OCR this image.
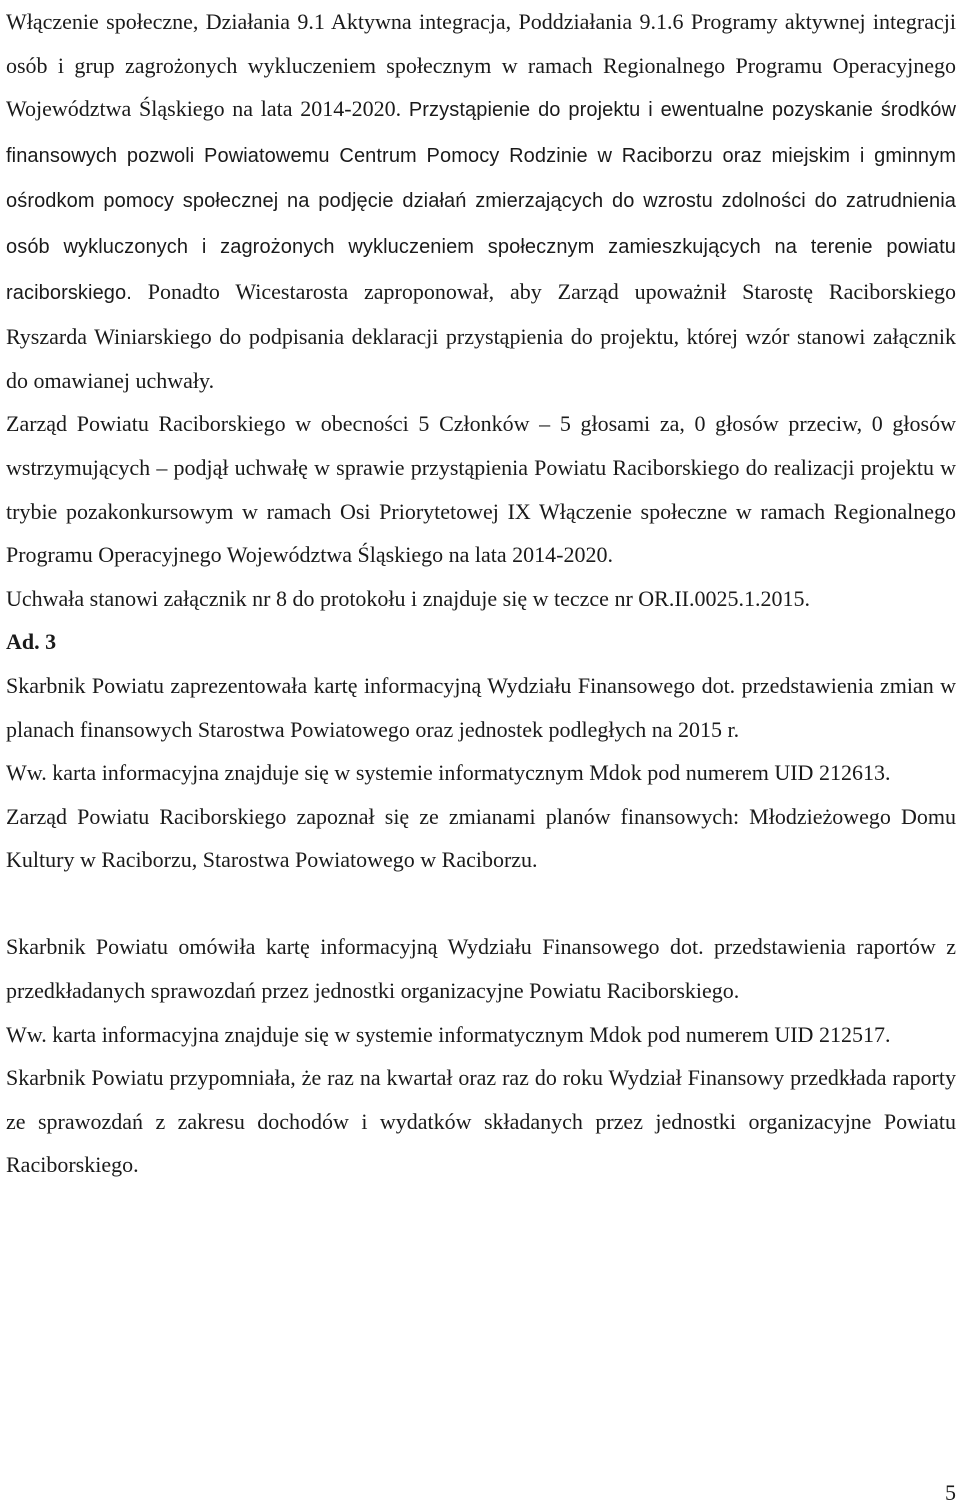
Włączenie społeczne, Działania 9.1 Aktywna integracja, Poddziałania 9.1.6 Programy aktywnej integracji osób i grup zagrożonych wykluczeniem społecznym w ramach Regionalnego Programu Operacyjnego Województwa Śląskiego na lata 2014-2020. Przystąpienie do projektu i ewentualne pozyskanie środków finansowych pozwoli Powiatowemu Centrum Pomocy Rodzinie w Raciborzu oraz miejskim i gminnym ośrodkom pomocy społecznej na podjęcie działań zmierzających do wzrostu zdolności do zatrudnienia osób wykluczonych i zagrożonych wykluczeniem społecznym zamieszkujących na terenie powiatu raciborskiego. Ponadto Wicestarosta zaproponował, aby Zarząd upoważnił Starostę Raciborskiego Ryszarda Winiarskiego do podpisania deklaracji przystąpienia do projektu, której wzór stanowi załącznik do omawianej uchwały.

Zarząd Powiatu Raciborskiego w obecności 5 Członków – 5 głosami za, 0 głosów przeciw, 0 głosów wstrzymujących – podjął uchwałę w sprawie przystąpienia Powiatu Raciborskiego do realizacji projektu w trybie pozakonkursowym w ramach Osi Priorytetowej IX Włączenie społeczne w ramach Regionalnego Programu Operacyjnego Województwa Śląskiego na lata 2014-2020.

Uchwała stanowi załącznik nr 8 do protokołu i znajduje się w teczce nr OR.II.0025.1.2015.

Ad. 3

Skarbnik Powiatu zaprezentowała kartę informacyjną Wydziału Finansowego dot. przedstawienia zmian w planach finansowych Starostwa Powiatowego oraz jednostek podległych na 2015 r.

Ww. karta informacyjna znajduje się w systemie informatycznym Mdok pod numerem UID 212613.

Zarząd Powiatu Raciborskiego zapoznał się ze zmianami planów finansowych: Młodzieżowego Domu Kultury w Raciborzu, Starostwa Powiatowego w Raciborzu.

Skarbnik Powiatu omówiła kartę informacyjną Wydziału Finansowego dot. przedstawienia raportów z przedkładanych sprawozdań przez jednostki organizacyjne Powiatu Raciborskiego.

Ww. karta informacyjna znajduje się w systemie informatycznym Mdok pod numerem UID 212517.

Skarbnik Powiatu przypomniała, że raz na kwartał oraz raz do roku Wydział Finansowy przedkłada raporty ze sprawozdań z zakresu dochodów i wydatków składanych przez jednostki organizacyjne Powiatu Raciborskiego.

5
